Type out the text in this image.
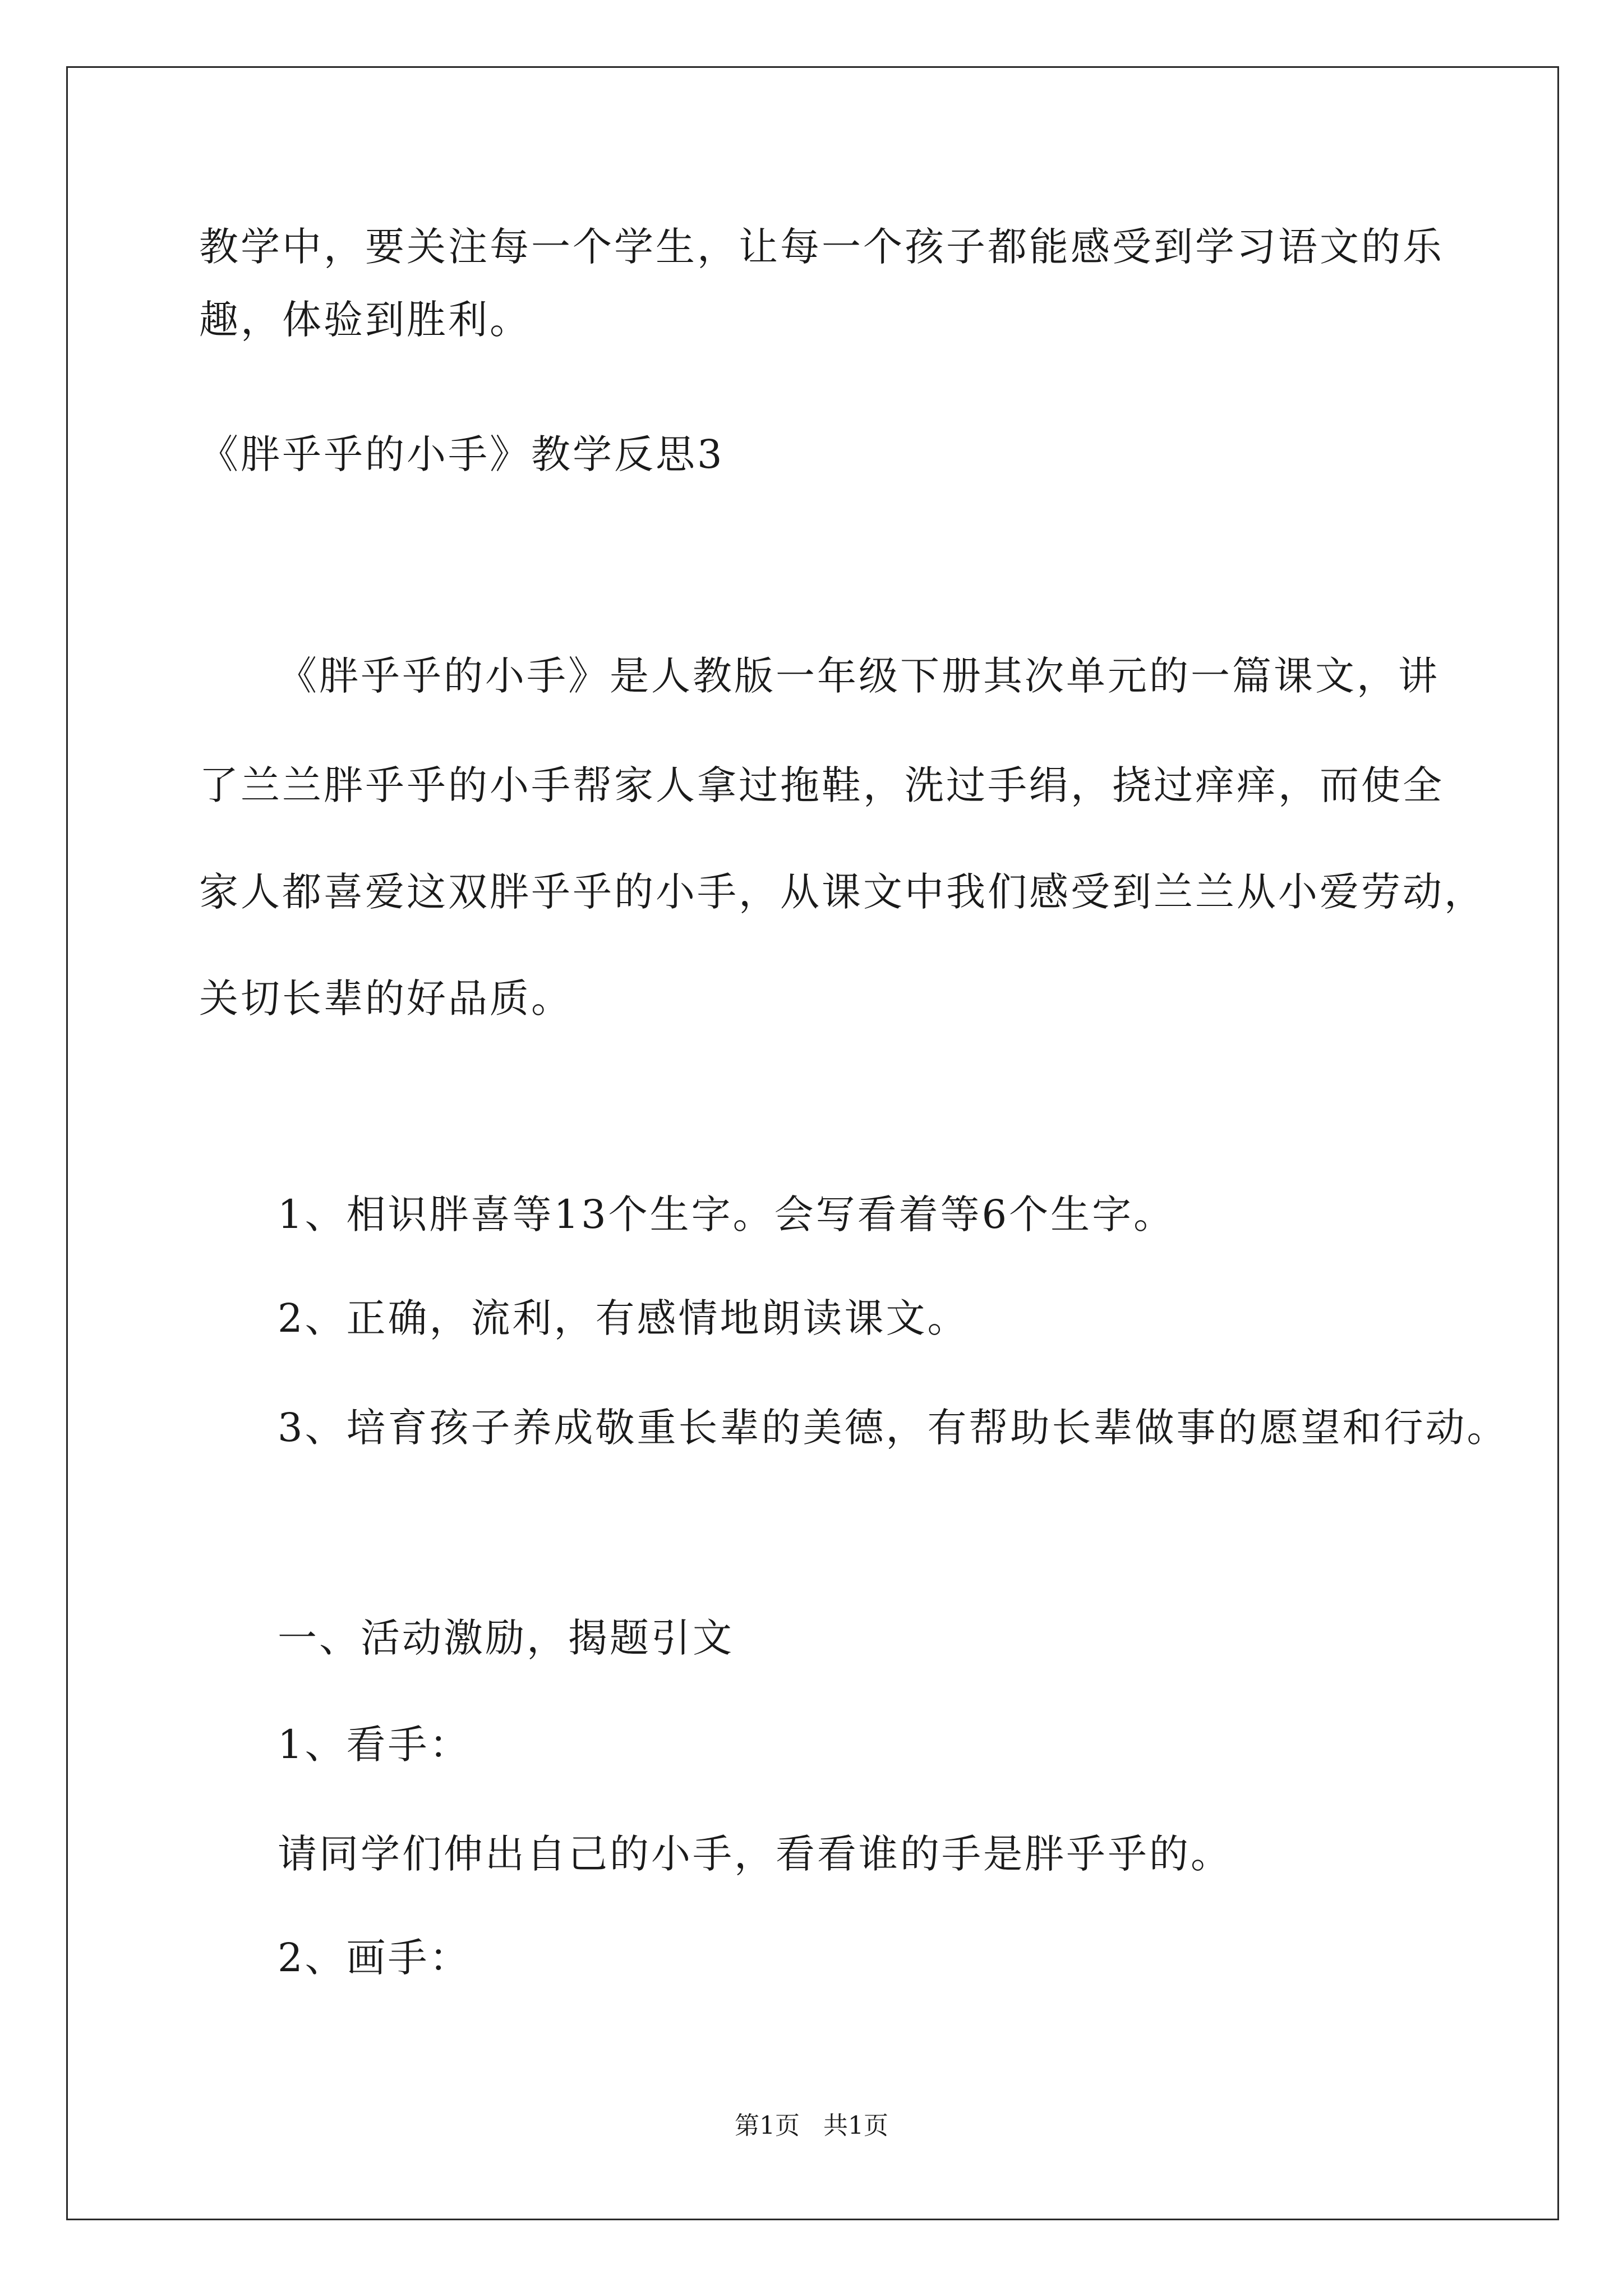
教学中，要关注每一个学生，让每一个孩子都能感受到学习语文的乐
趣，体验到胜利。
《胖乎乎的小手》教学反思3
《胖乎乎的小手》是人教版一年级下册其次单元的一篇课文，讲
了兰兰胖乎乎的小手帮家人拿过拖鞋，洗过手绢，挠过痒痒，而使全
家人都喜爱这双胖乎乎的小手，从课文中我们感受到兰兰从小爱劳动，
关切长辈的好品质。
1、相识胖喜等13个生字。会写看着等6个生字。
2、正确，流利，有感情地朗读课文。
3、培育孩子养成敬重长辈的美德，有帮助长辈做事的愿望和行动。
一、活动激励，揭题引文
1、看手：
请同学们伸出自己的小手，看看谁的手是胖乎乎的。
2、画手：
第1页   共1页
